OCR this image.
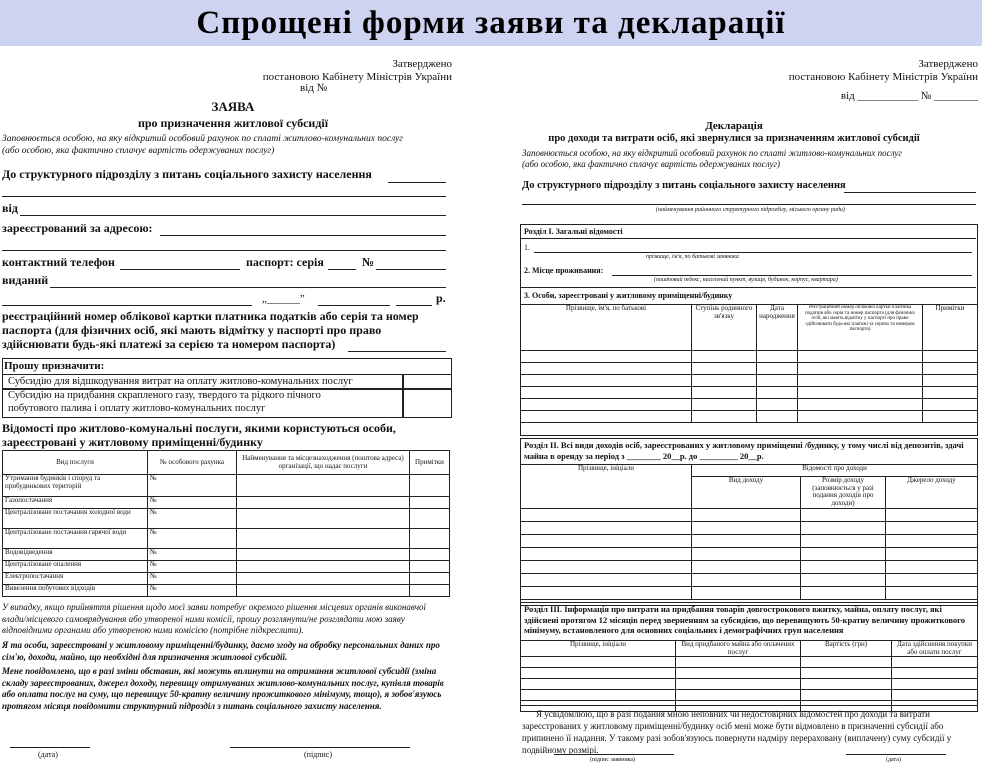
Спрощені форми заяви та декларації
Затверджено
постановою Кабінету Міністрів України
від №
ЗАЯВА
про призначення житлової субсидії
Заповнюється особою, на яку відкритий особовий рахунок по сплаті житлово-комунальних послуг
(або особою, яка фактично сплачує вартість одержуваних послуг)
До структурного підрозділу з питань соціального захисту населення
від
зареєстрований за адресою:
контактний телефон	паспорт: серія	№
виданий
„______”	р.
реєстраційний номер облікової картки платника податків або серія та номер
паспорта (для фізичних осіб, які мають відмітку у паспорті про право
здійснювати будь-які платежі за серією та номером паспорта)
Прошу призначити:
Субсидію для відшкодування витрат на оплату житлово-комунальних послуг
Субсидію на придбання скрапленого газу, твердого та рідкого пічного
побутового палива і оплату житлово-комунальних послуг
Відомості про житлово-комунальні послуги, якими користуються особи,
зареєстровані у житловому приміщенні/будинку
Вид послуги	№ особового рахунка	Найменування та місцезнаходження (поштова адреса) організації, що надає послуги	Примітки
Утримання будинків і споруд та прибудинкових територій	№		
Газопостачання	№		
Централізоване постачання холодної води	№		
Централізоване постачання гарячої води	№		
Водовідведення	№		
Централізоване опалення	№		
Електропостачання	№		
Вивезення побутових відходів	№		
У випадку, якщо прийняття рішення щодо моєї заяви потребує окремого рішення місцевих органів виконавчої влади/місцевого самоврядування або утвореної ними комісії, прошу розглянути/не розглядати мою заяву відповідними органами або утвореною ними комісією (потрібне підкреслити).
Я та особи, зареєстровані у житловому приміщенні/будинку, даємо згоду на обробку персональних даних про сім'ю, доходи, майно, що необхідні для призначення житлової субсидії.
Мене повідомлено, що в разі зміни обставин, які можуть вплинути на отримання житлової субсидії (зміна складу зареєстрованих, джерел доходу, перевищу отримуваних житлово-комунальних послуг, купівля товарів або оплата послуг на суму, що перевищує 50-кратну величину прожиткового мінімуму, тощо), я зобов'язуюсь протягом місяця повідомити структурний підрозділ з питань соціального захисту населення.
(дата)	(підпис)
Затверджено
постановою Кабінету Міністрів України
від ___________ № ________
Декларація
про доходи та витрати осіб, які звернулися за призначенням житлової субсидії
Заповнюється особою, на яку відкритий особовий рахунок по сплаті житлово-комунальних послуг
(або особою, яка фактично сплачує вартість одержуваних послуг)
До структурного підрозділу з питань соціального захисту населення
(найменування районного структурного підрозділу, міського органу ради)
Розділ І. Загальні відомості
1.
прізвище, ім'я, по батькові заявника
2. Місце проживання:
(поштовий індекс, населений пункт, вулиця, будинок, корпус, квартира)
3. Особи, зареєстровані у житловому приміщенні/будинку
Прізвище, ім'я, по батькові	Ступінь родинного зв'язку	Дата народження	Реєстраційний номер облікової картки платника податків або серія та номер паспорта (для фізичних осіб, які мають відмітку у паспорті про право здійснювати будь-які платежі за серією та номером паспорта)	Примітки

Розділ ІІ. Всі види доходів осіб, зареєстрованих у житловому приміщенні /будинку, у тому числі від депозитів, здачі майна в оренду за період з ________ 20__р. до _________ 20__р.
Прізвище, ініціали	Відомості про доходи		
	Вид доходу	Розмір доходу (заповнюється у разі подання доходів про доходи)	Джерело доходу

Розділ ІІІ. Інформація про витрати на придбання товарів довгострокового вжитку, майна, оплату послуг, які здійснені протягом 12 місяців перед зверненням за субсидією, що перевищують 50-кратну величину прожиткового мінімуму, встановленого для основних соціальних і демографічних груп населення
Прізвище, ініціали	Вид придбаного майна або оплачених послуг	Вартість (грн)	Дата здійснення покупки або оплати послуг

Я усвідомлюю, що в разі подання мною неповних чи недостовірних відомостей про доходи та витрати зареєстрованих у житловому приміщенні/будинку осіб мені може бути відмовлено в призначенні субсидії або припинено її надання. У такому разі зобов'язуюсь повернути надміру перераховану (виплачену) суму субсидії у подвійному розмірі.
(підпис заявника)	(дата)
